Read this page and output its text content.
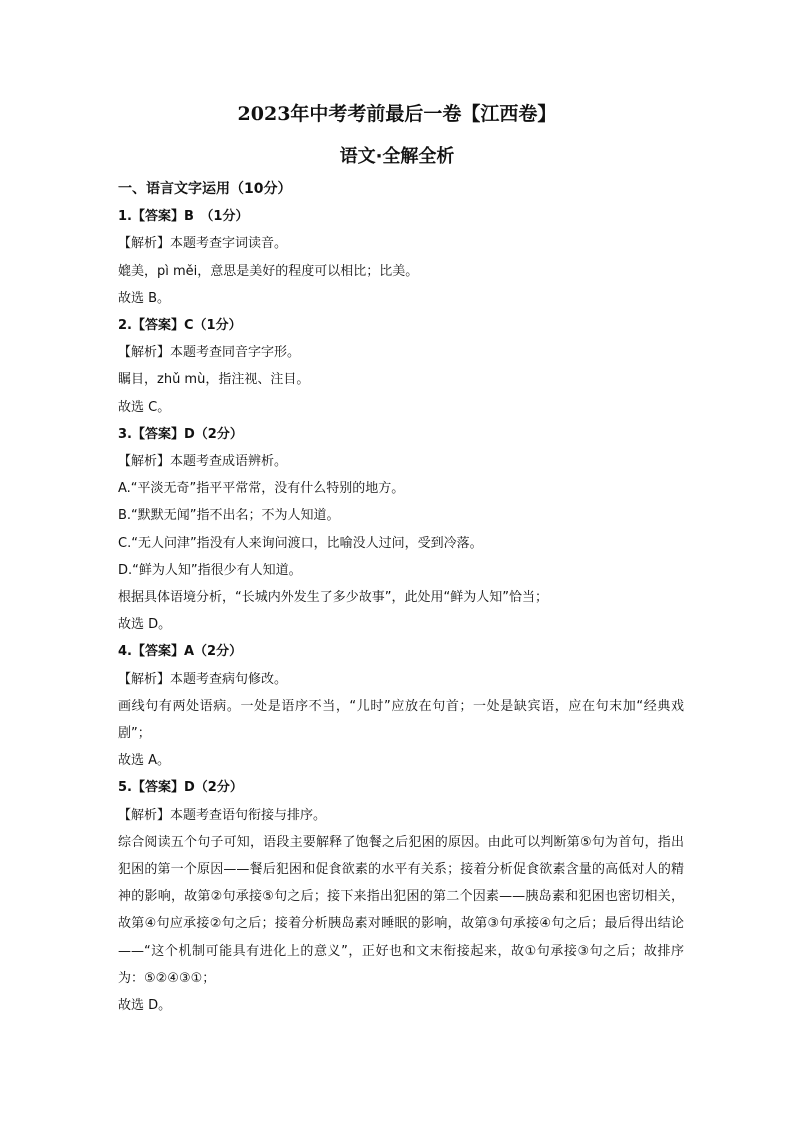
2023年中考考前最后一卷【江西卷】
语文·全解全析
一、语言文字运用（10分）
1.【答案】B　（1分）
【解析】本题考查字词读音。
媲美，pì měi，意思是美好的程度可以相比；比美。
故选 B。
2.【答案】C（1分）
【解析】本题考查同音字字形。
瞩目，zhǔ mù，指注视、注目。
故选 C。
3.【答案】D（2分）
【解析】本题考查成语辨析。
A.“平淡无奇”指平平常常，没有什么特别的地方。
B.“默默无闻”指不出名；不为人知道。
C.“无人问津”指没有人来询问渡口，比喻没人过问，受到冷落。
D.“鲜为人知”指很少有人知道。
根据具体语境分析，“长城内外发生了多少故事”，此处用“鲜为人知”恰当；
故选 D。
4.【答案】A（2分）
【解析】本题考查病句修改。
画线句有两处语病。一处是语序不当，“儿时”应放在句首；一处是缺宾语，应在句末加“经典戏剧”；
故选 A。
5.【答案】D（2分）
【解析】本题考查语句衔接与排序。
综合阅读五个句子可知，语段主要解释了饱餐之后犯困的原因。由此可以判断第⑤句为首句，指出犯困的第一个原因——餐后犯困和促食欲素的水平有关系；接着分析促食欲素含量的高低对人的精神的影响，故第②句承接⑤句之后；接下来指出犯困的第二个因素——胰岛素和犯困也密切相关，故第④句应承接②句之后；接着分析胰岛素对睡眠的影响，故第③句承接④句之后；最后得出结论——“这个机制可能具有进化上的意义”，正好也和文末衔接起来，故①句承接③句之后；故排序为：⑤②④③①；
故选 D。
